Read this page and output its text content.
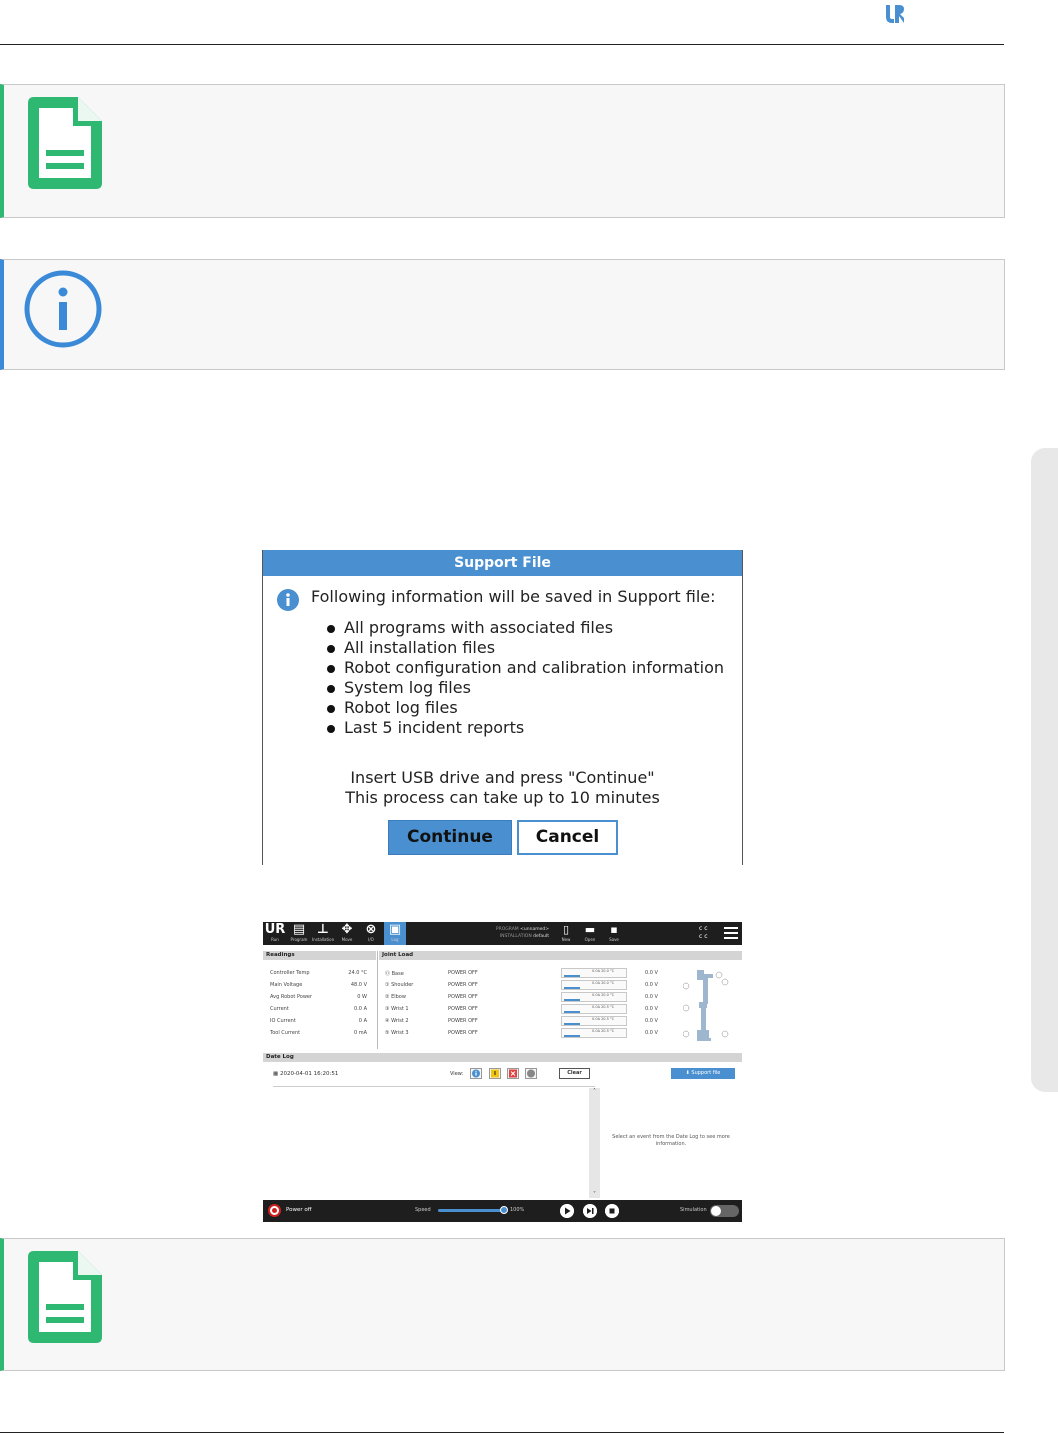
Support File
Following information will be saved in Support file:
All programs with associated files
All installation files
Robot configuration and calibration information
System log files
Robot log files
Last 5 incident reports
Insert USB drive and press "Continue"
This process can take up to 10 minutes
Continue	Cancel
UR
Run
▤
Program
⊥
Installation
✥
Move
⊗
I/O
▣
Log
PROGRAM <unnamed>
INSTALLATION default
▯
New
▬
Open
▪
Save
c c
c c
Readings	Joint Load
Controller Temp	24.0 °C
Main Voltage	48.0 V
Avg Robot Power	0 W
Current	0.0 A
IO Current	0 A
Tool Current	0 mA
⓪ Base	POWER OFF	0.0A 20.0 °C	0.0 V
① Shoulder	POWER OFF	0.0A 20.0 °C	0.0 V
② Elbow	POWER OFF	0.0A 20.0 °C	0.0 V
③ Wrist 1	POWER OFF	0.0A 20.5 °C	0.0 V
④ Wrist 2	POWER OFF	0.0A 20.5 °C	0.0 V
⑤ Wrist 3	POWER OFF	0.0A 20.5 °C	0.0 V
Date Log
▦ 2020-04-01 16:20:51	View:	Clear	⬇ Support file
˄
˅
Select an event from the Date Log to see more information.
Power off	Speed	100%	Simulation
